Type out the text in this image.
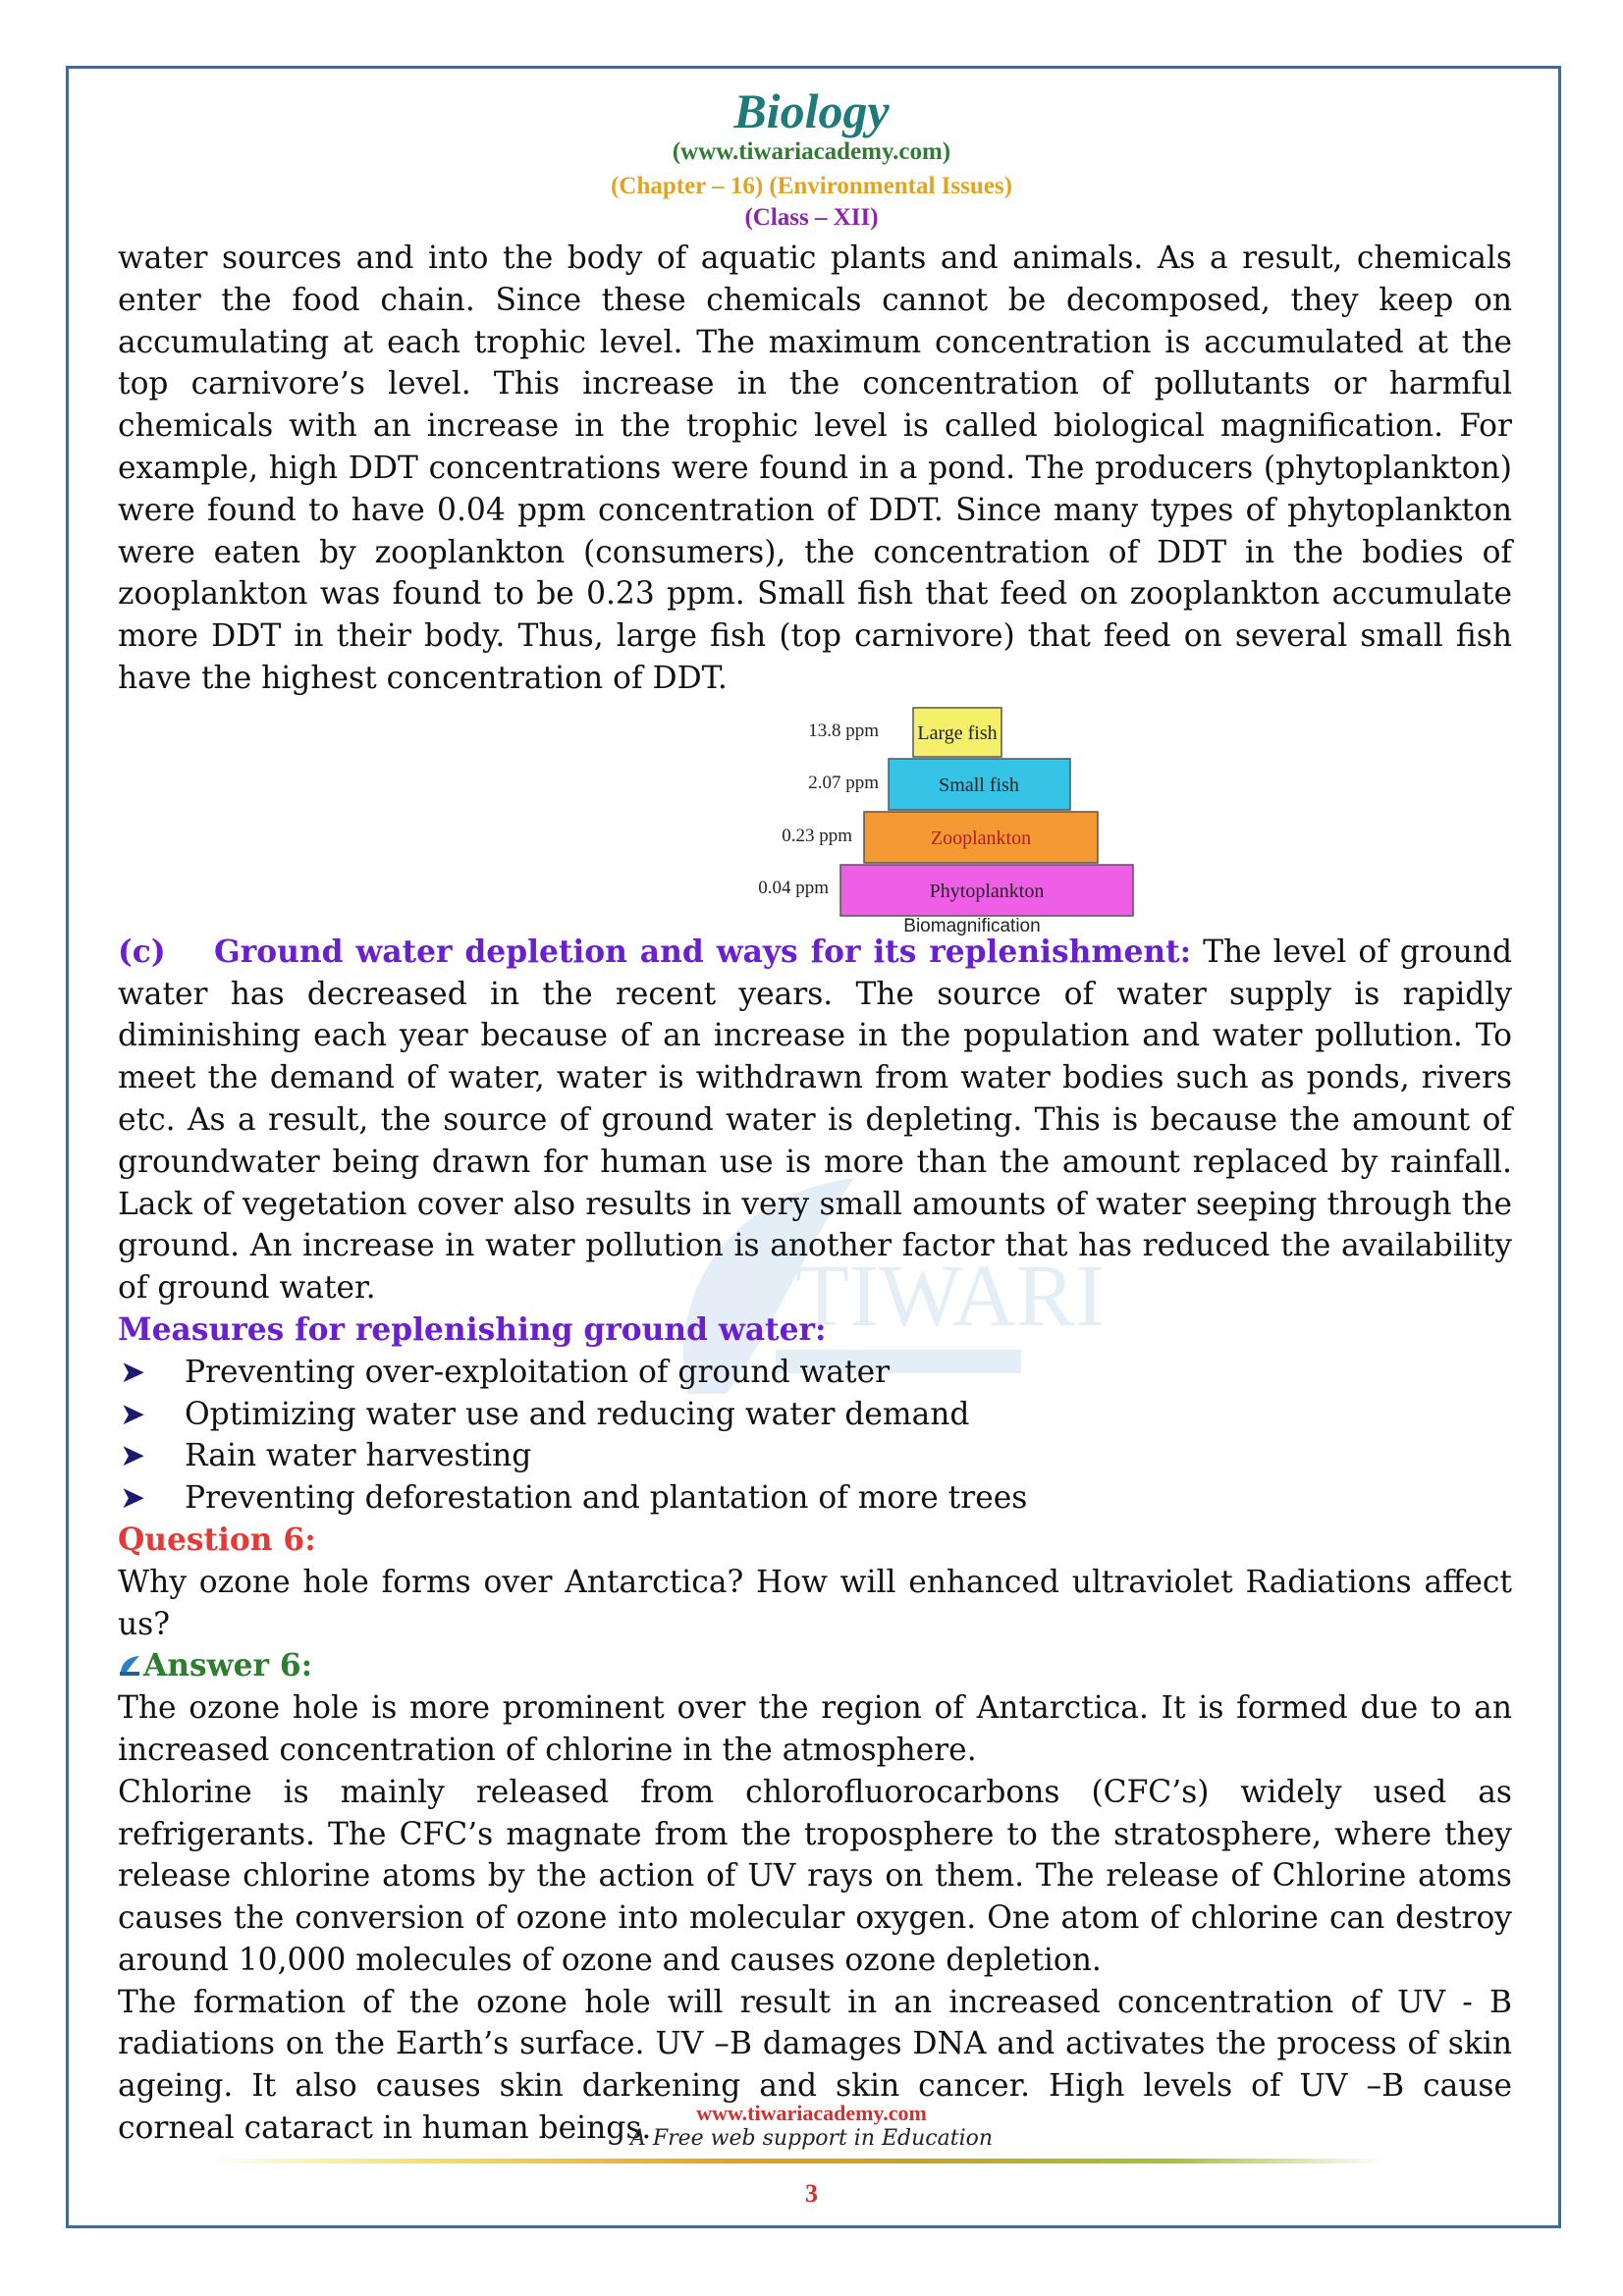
TIWARI
Biology
(www.tiwariacademy.com)
(Chapter – 16) (Environmental Issues)
(Class – XII)

water sources and into the body of aquatic plants and animals. As a result, chemicals enter the food chain. Since these chemicals cannot be decomposed, they keep on accumulating at each trophic level. The maximum concentration is accumulated at the top carnivore’s level. This increase in the concentration of pollutants or harmful chemicals with an increase in the trophic level is called biological magnification. For example, high DDT concentrations were found in a pond. The producers (phytoplankton) were found to have 0.04 ppm concentration of DDT. Since many types of phytoplankton were eaten by zooplankton (consumers), the concentration of DDT in the bodies of zooplankton was found to be 0.23 ppm. Small fish that feed on zooplankton accumulate more DDT in their body. Thus, large fish (top carnivore) that feed on several small fish have the highest concentration of DDT.

Large fish
Small fish
Zooplankton
Phytoplankton
13.8 ppm
2.07 ppm
0.23 ppm
0.04 ppm
Biomagnification

(c) Ground water depletion and ways for its replenishment: The level of ground water has decreased in the recent years. The source of water supply is rapidly diminishing each year because of an increase in the population and water pollution. To meet the demand of water, water is withdrawn from water bodies such as ponds, rivers etc. As a result, the source of ground water is depleting. This is because the amount of groundwater being drawn for human use is more than the amount replaced by rainfall. Lack of vegetation cover also results in very small amounts of water seeping through the ground. An increase in water pollution is another factor that has reduced the availability of ground water.

Measures for replenishing ground water:

➤ Preventing over-exploitation of ground water
➤ Optimizing water use and reducing water demand
➤ Rain water harvesting
➤ Preventing deforestation and plantation of more trees

Question 6:

Why ozone hole forms over Antarctica? How will enhanced ultraviolet Radiations affect us?

Answer 6:

The ozone hole is more prominent over the region of Antarctica. It is formed due to an increased concentration of chlorine in the atmosphere.

Chlorine is mainly released from chlorofluorocarbons (CFC’s) widely used as refrigerants. The CFC’s magnate from the troposphere to the stratosphere, where they release chlorine atoms by the action of UV rays on them. The release of Chlorine atoms causes the conversion of ozone into molecular oxygen. One atom of chlorine can destroy around 10,000 molecules of ozone and causes ozone depletion.

The formation of the ozone hole will result in an increased concentration of UV - B radiations on the Earth’s surface. UV –B damages DNA and activates the process of skin ageing. It also causes skin darkening and skin cancer. High levels of UV –B cause corneal cataract in human beings.	www.tiwariacademy.com
A Free web support in Education
3
